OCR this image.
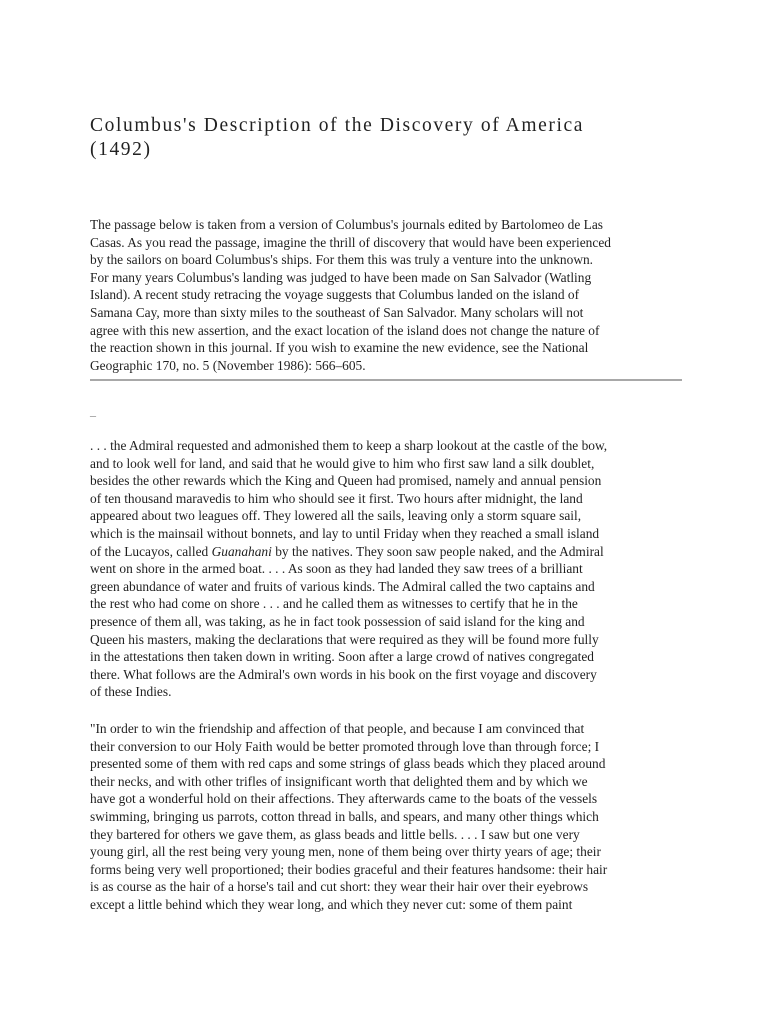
Columbus's Description of the Discovery of America
(1492)

The passage below is taken from a version of Columbus's journals edited by Bartolomeo de Las
Casas. As you read the passage, imagine the thrill of discovery that would have been experienced
by the sailors on board Columbus's ships. For them this was truly a venture into the unknown.
For many years Columbus's landing was judged to have been made on San Salvador (Watling
Island). A recent study retracing the voyage suggests that Columbus landed on the island of
Samana Cay, more than sixty miles to the southeast of San Salvador. Many scholars will not
agree with this new assertion, and the exact location of the island does not change the nature of
the reaction shown in this journal. If you wish to examine the new evidence, see the National
Geographic 170, no. 5 (November 1986): 566–605.

_

. . . the Admiral requested and admonished them to keep a sharp lookout at the castle of the bow,
and to look well for land, and said that he would give to him who first saw land a silk doublet,
besides the other rewards which the King and Queen had promised, namely and annual pension
of ten thousand maravedis to him who should see it first. Two hours after midnight, the land
appeared about two leagues off. They lowered all the sails, leaving only a storm square sail,
which is the mainsail without bonnets, and lay to until Friday when they reached a small island
of the Lucayos, called Guanahani by the natives. They soon saw people naked, and the Admiral
went on shore in the armed boat. . . . As soon as they had landed they saw trees of a brilliant
green abundance of water and fruits of various kinds. The Admiral called the two captains and
the rest who had come on shore . . . and he called them as witnesses to certify that he in the
presence of them all, was taking, as he in fact took possession of said island for the king and
Queen his masters, making the declarations that were required as they will be found more fully
in the attestations then taken down in writing. Soon after a large crowd of natives congregated
there. What follows are the Admiral's own words in his book on the first voyage and discovery
of these Indies.

"In order to win the friendship and affection of that people, and because I am convinced that
their conversion to our Holy Faith would be better promoted through love than through force; I
presented some of them with red caps and some strings of glass beads which they placed around
their necks, and with other trifles of insignificant worth that delighted them and by which we
have got a wonderful hold on their affections. They afterwards came to the boats of the vessels
swimming, bringing us parrots, cotton thread in balls, and spears, and many other things which
they bartered for others we gave them, as glass beads and little bells. . . . I saw but one very
young girl, all the rest being very young men, none of them being over thirty years of age; their
forms being very well proportioned; their bodies graceful and their features handsome: their hair
is as course as the hair of a horse's tail and cut short: they wear their hair over their eyebrows
except a little behind which they wear long, and which they never cut: some of them paint
